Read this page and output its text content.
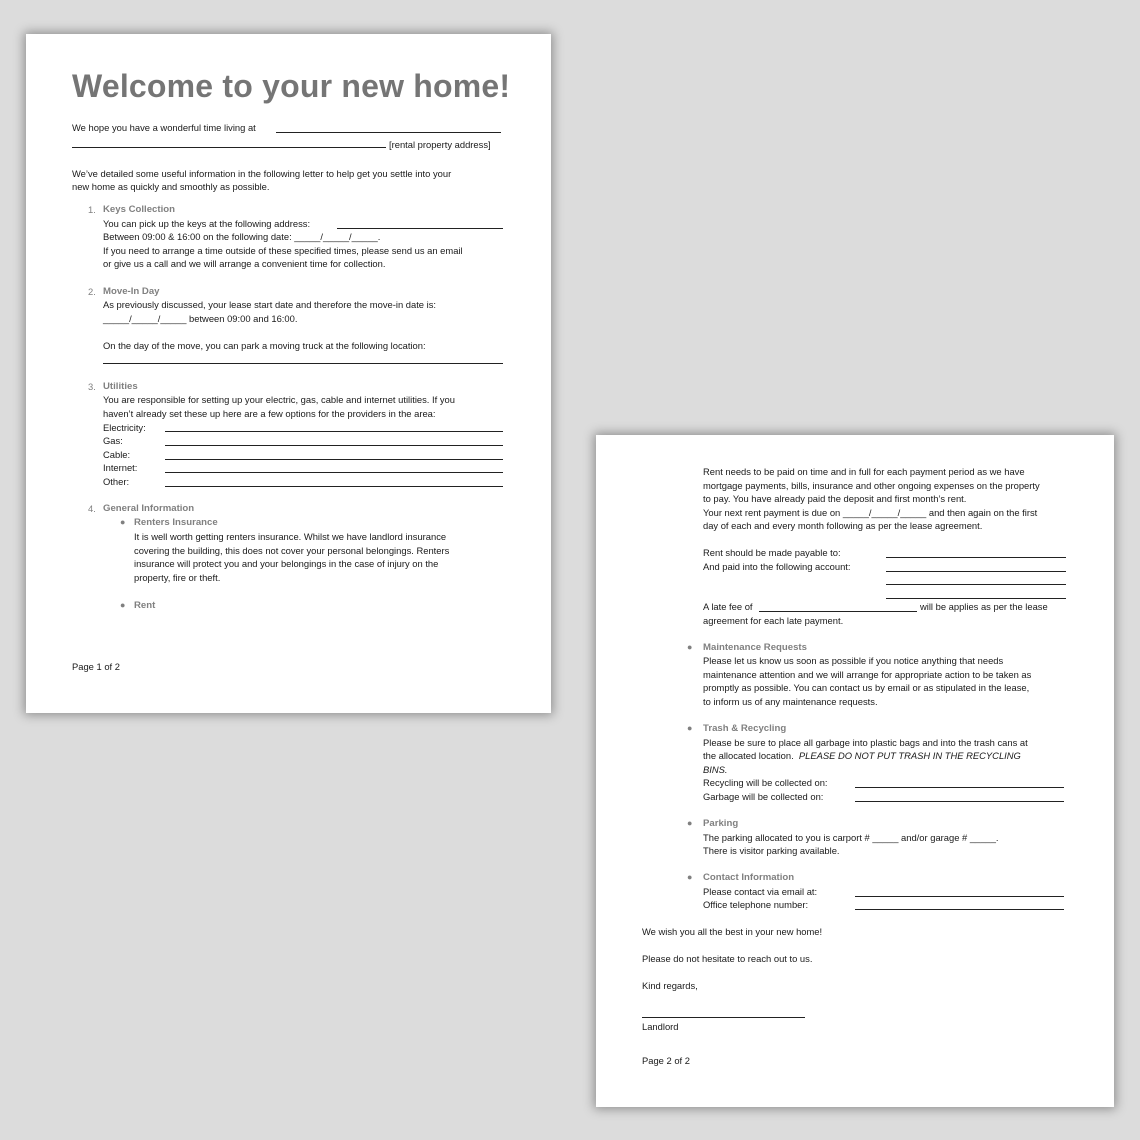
Welcome to your new home!
We hope you have a wonderful time living at
[rental property address]
We’ve detailed some useful information in the following letter to help get you settle into your
new home as quickly and smoothly as possible.
1. Keys Collection
You can pick up the keys at the following address:
Between 09:00 & 16:00 on the following date: _____/_____/_____.
If you need to arrange a time outside of these specified times, please send us an email
or give us a call and we will arrange a convenient time for collection.
2. Move-In Day
As previously discussed, your lease start date and therefore the move-in date is:
_____/_____/_____ between 09:00 and 16:00.
On the day of the move, you can park a moving truck at the following location:
3. Utilities
You are responsible for setting up your electric, gas, cable and internet utilities. If you
haven’t already set these up here are a few options for the providers in the area:
Electricity:
Gas:
Cable:
Internet:
Other:
4. General Information
● Renters Insurance
It is well worth getting renters insurance. Whilst we have landlord insurance
covering the building, this does not cover your personal belongings. Renters
insurance will protect you and your belongings in the case of injury on the
property, fire or theft.
● Rent
Page 1 of 2
Rent needs to be paid on time and in full for each payment period as we have
mortgage payments, bills, insurance and other ongoing expenses on the property
to pay. You have already paid the deposit and first month’s rent.
Your next rent payment is due on _____/_____/_____ and then again on the first
day of each and every month following as per the lease agreement.
Rent should be made payable to:
And paid into the following account:
A late fee of	will be applies as per the lease
agreement for each late payment.
● Maintenance Requests
Please let us know us soon as possible if you notice anything that needs
maintenance attention and we will arrange for appropriate action to be taken as
promptly as possible. You can contact us by email or as stipulated in the lease,
to inform us of any maintenance requests.
● Trash & Recycling
Please be sure to place all garbage into plastic bags and into the trash cans at
the allocated location. PLEASE DO NOT PUT TRASH IN THE RECYCLING
BINS.
Recycling will be collected on:
Garbage will be collected on:
● Parking
The parking allocated to you is carport # _____ and/or garage # _____.
There is visitor parking available.
● Contact Information
Please contact via email at:
Office telephone number:
We wish you all the best in your new home!
Please do not hesitate to reach out to us.
Kind regards,
Landlord
Page 2 of 2
